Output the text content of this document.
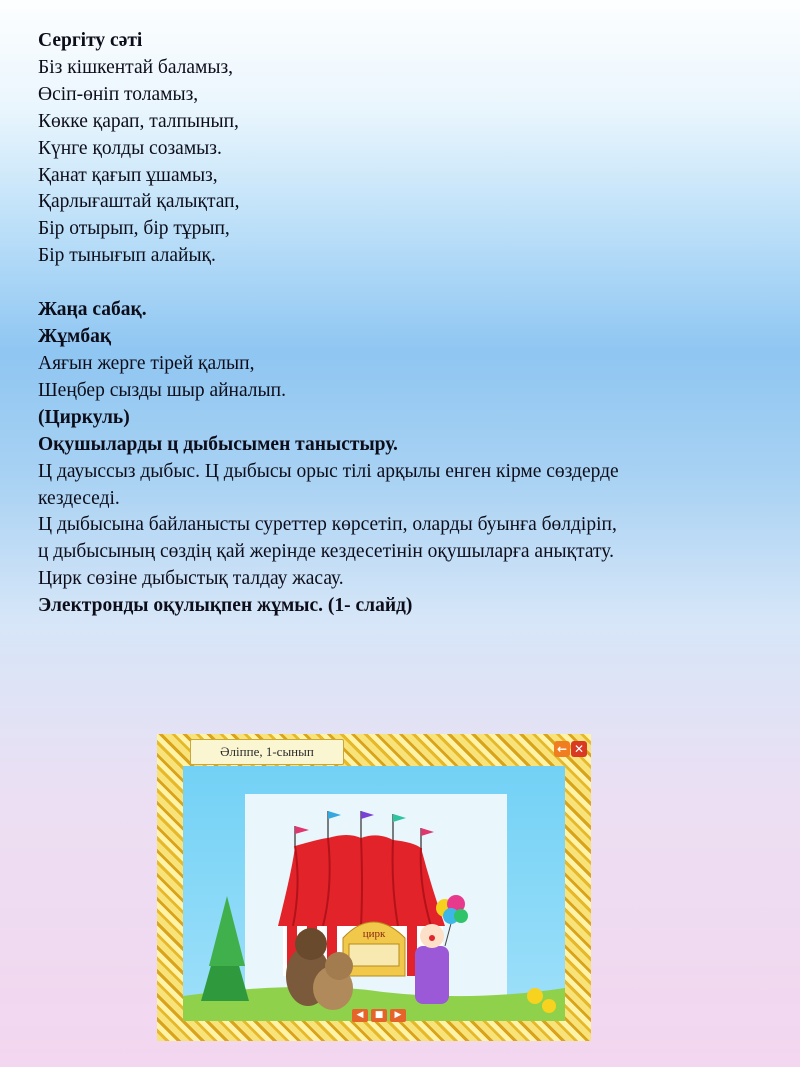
Сергіту сәті
Біз кішкентай баламыз,
Өсіп-өніп толамыз,
Көкке қарап, талпынып,
Күнге қолды созамыз.
Қанат қағып ұшамыз,
Қарлығаштай қалықтап,
Бір отырып, бір тұрып,
Бір тынығып алайық.
Жаңа сабақ.
Жұмбақ
Аяғын жерге тірей қалып,
Шеңбер сызды шыр айналып.
(Циркуль)
Оқушыларды ц дыбысымен таныстыру.
Ц дауыссыз дыбыс. Ц дыбысы орыс тілі арқылы енген кірме сөздерде
кездеседі.
Ц дыбысына байланысты суреттер көрсетіп, оларды буынға бөлдіріп,
ц дыбысының сөздің қай жерінде кездесетінін оқушыларға анықтату.
Цирк сөзіне дыбыстық талдау жасау.
Электронды оқулықпен жұмыс. (1- слайд)
цирк
Әліппе, 1-сынып	← ✕
◀	■	▶
